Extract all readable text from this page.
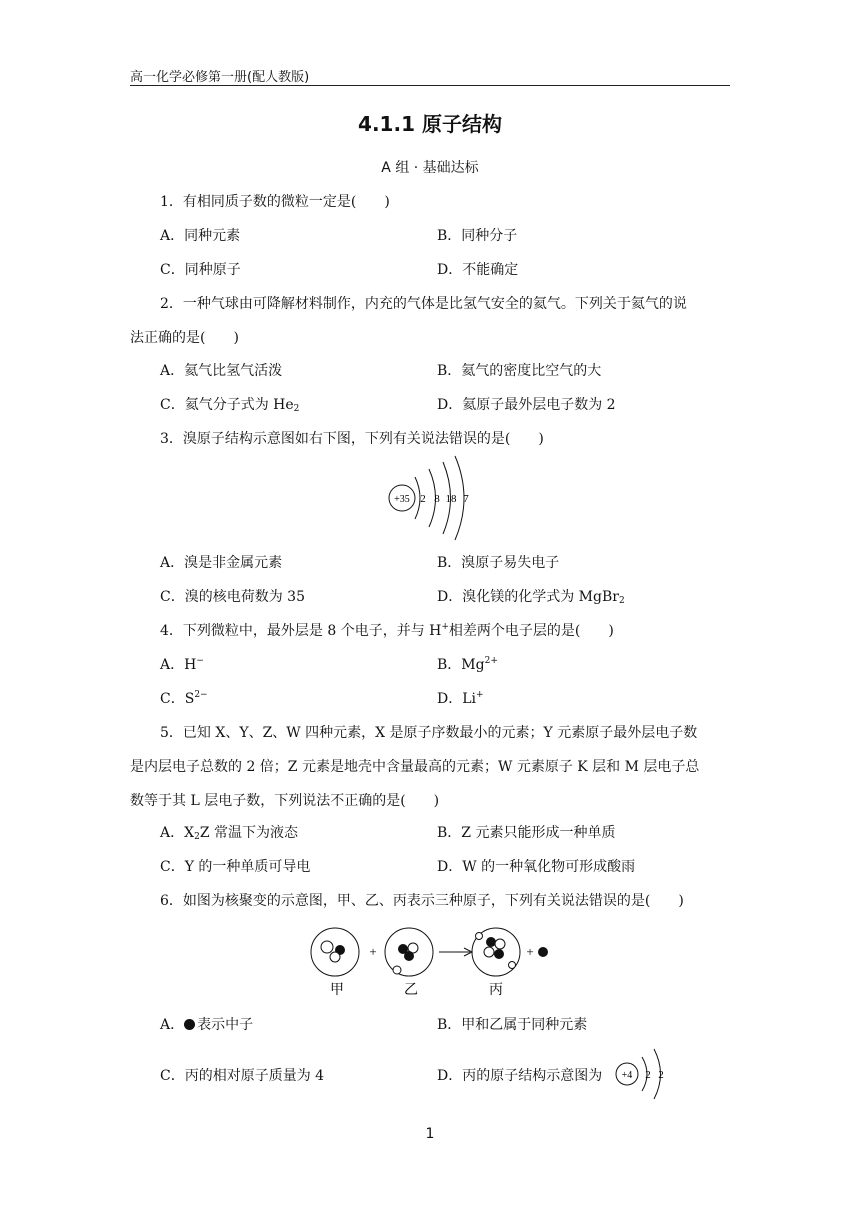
高一化学必修第一册(配人教版)
4.1.1 原子结构
A 组 · 基础达标
1．有相同质子数的微粒一定是(　　)
A．同种元素	B．同种分子
C．同种原子	D．不能确定
2．一种气球由可降解材料制作，内充的气体是比氢气安全的氦气。下列关于氦气的说
法正确的是(　　)
A．氦气比氢气活泼	B．氦气的密度比空气的大
C．氦气分子式为 $He_2$	D．氦原子最外层电子数为 2
3．溴原子结构示意图如右下图，下列有关说法错误的是(　　)
+35 2 8 18 7
A．溴是非金属元素	B．溴原子易失电子
C．溴的核电荷数为 35	D．溴化镁的化学式为 MgBr$_2$
4．下列微粒中，最外层是 8 个电子，并与 H+相差两个电子层的是(　　)
A．H−	B．$Mg^{2+}$
C．$S^{2-}$	D．Li+
5．已知 X、Y、Z、W 四种元素，X 是原子序数最小的元素；Y 元素原子最外层电子数
是内层电子总数的 2 倍；Z 元素是地壳中含量最高的元素；W 元素原子 K 层和 M 层电子总
数等于其 L 层电子数，下列说法不正确的是(　　)
A．$X_2Z$ 常温下为液态	B．Z 元素只能形成一种单质
C．Y 的一种单质可导电	D．W 的一种氧化物可形成酸雨
6．如图为核聚变的示意图，甲、乙、丙表示三种原子，下列有关说法错误的是(　　)
甲
+
乙	丙
+
A． 表示中子	B．甲和乙属于同种元素
C．丙的相对原子质量为 4	D．丙的原子结构示意图为 +4 2 2
1
